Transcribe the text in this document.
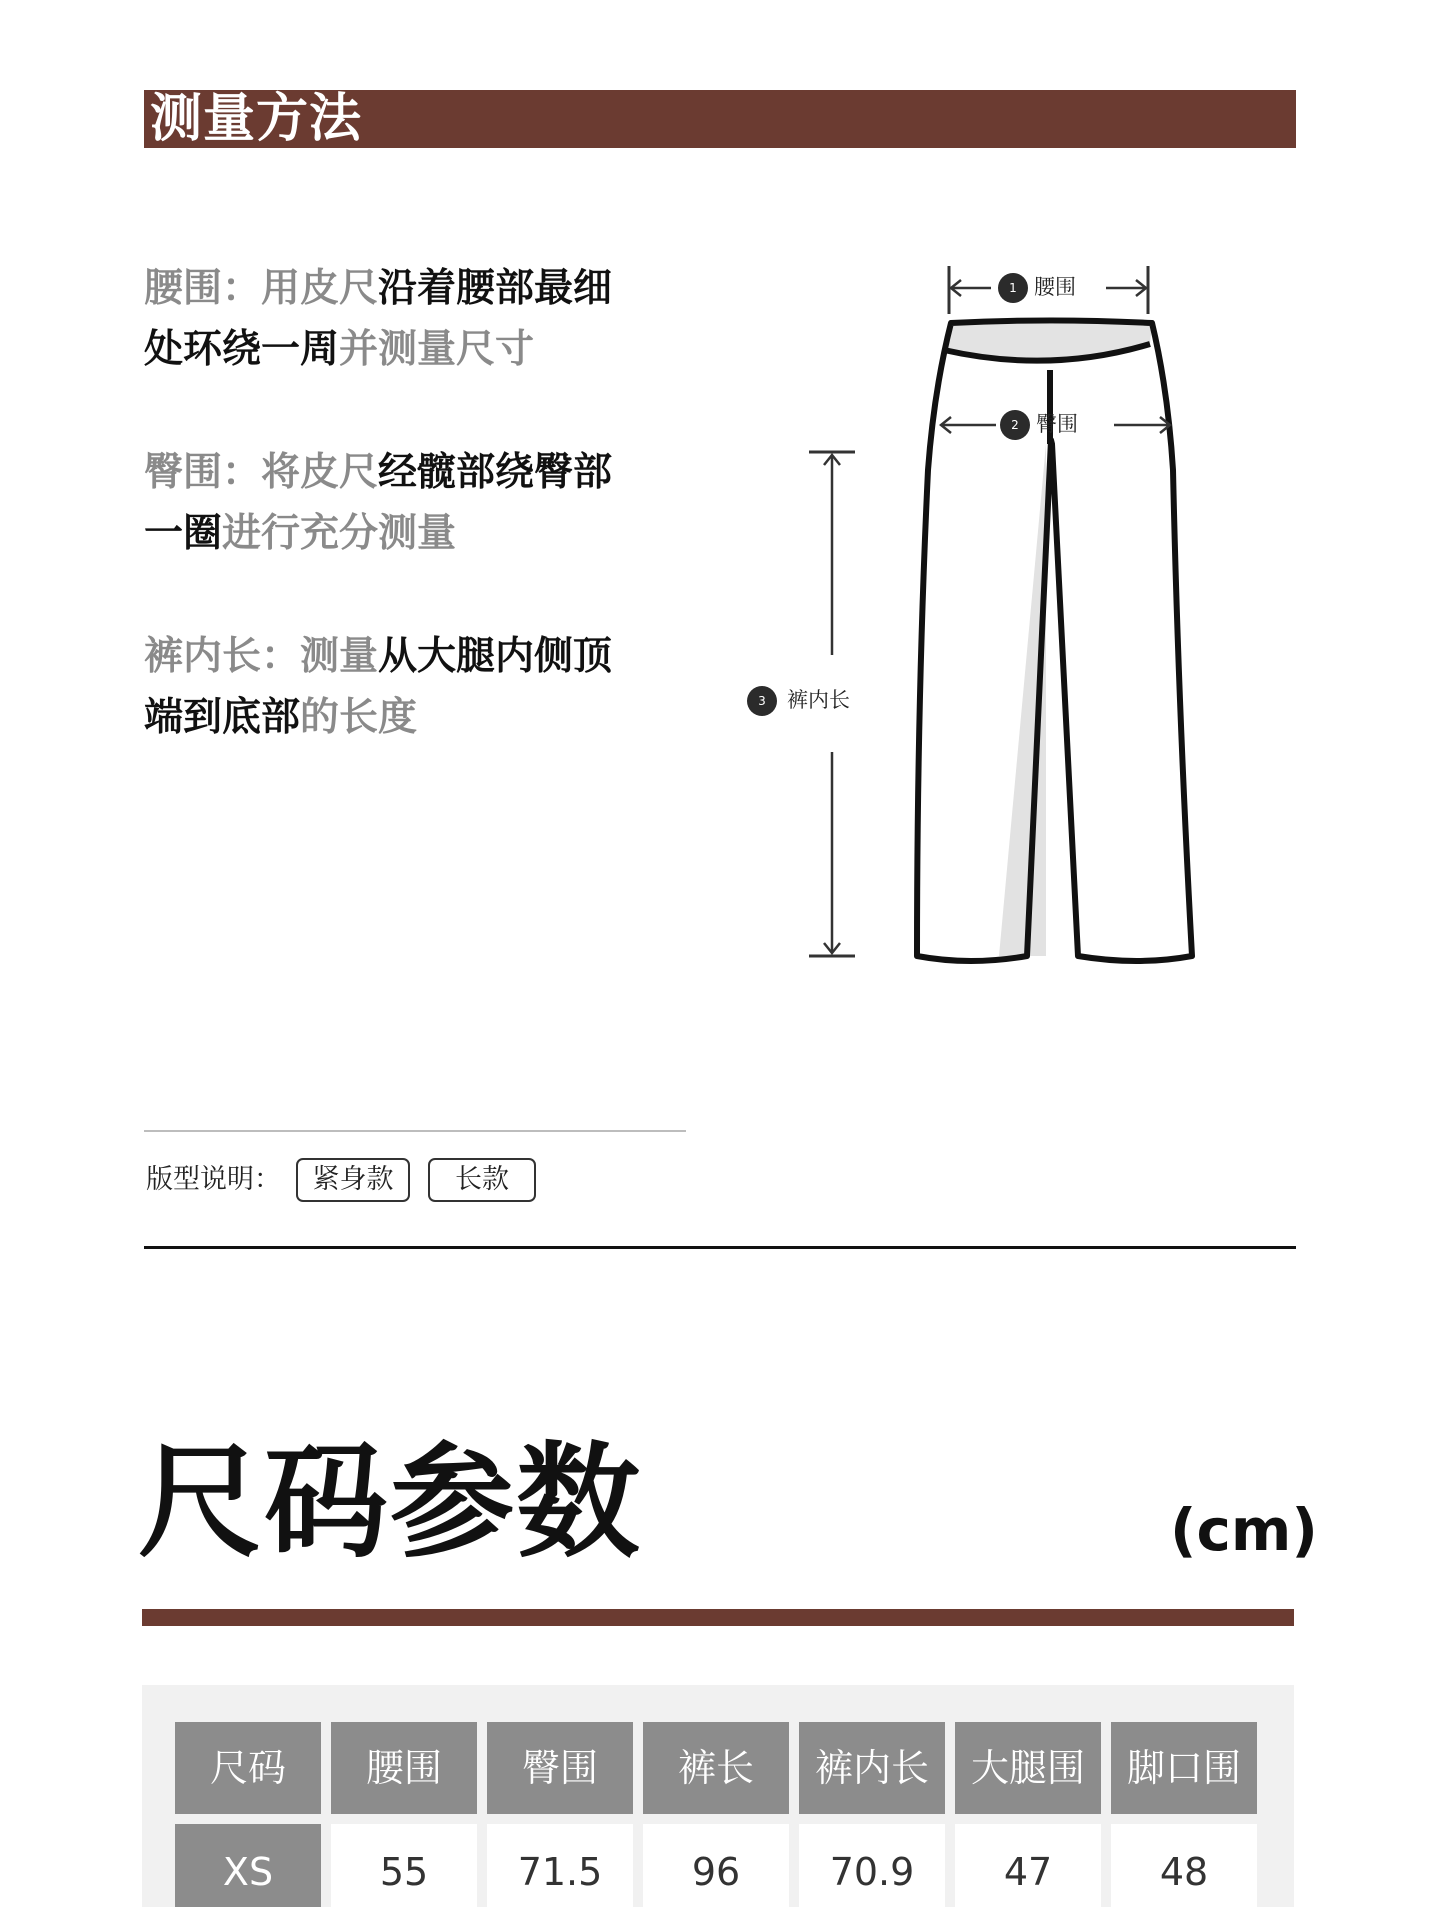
测量方法
腰围：用皮尺沿着腰部最细
处环绕一周并测量尺寸
臀围：将皮尺经髋部绕臀部
一圈进行充分测量
裤内长：测量从大腿内侧顶
端到底部的长度
1 腰围
2 臀围
3 裤内长
版型说明：	紧身款	长款
尺码参数	(cm)
尺码	腰围	臀围	裤长	裤内长	大腿围	脚口围
XS	55	71.5	96	70.9	47	48
